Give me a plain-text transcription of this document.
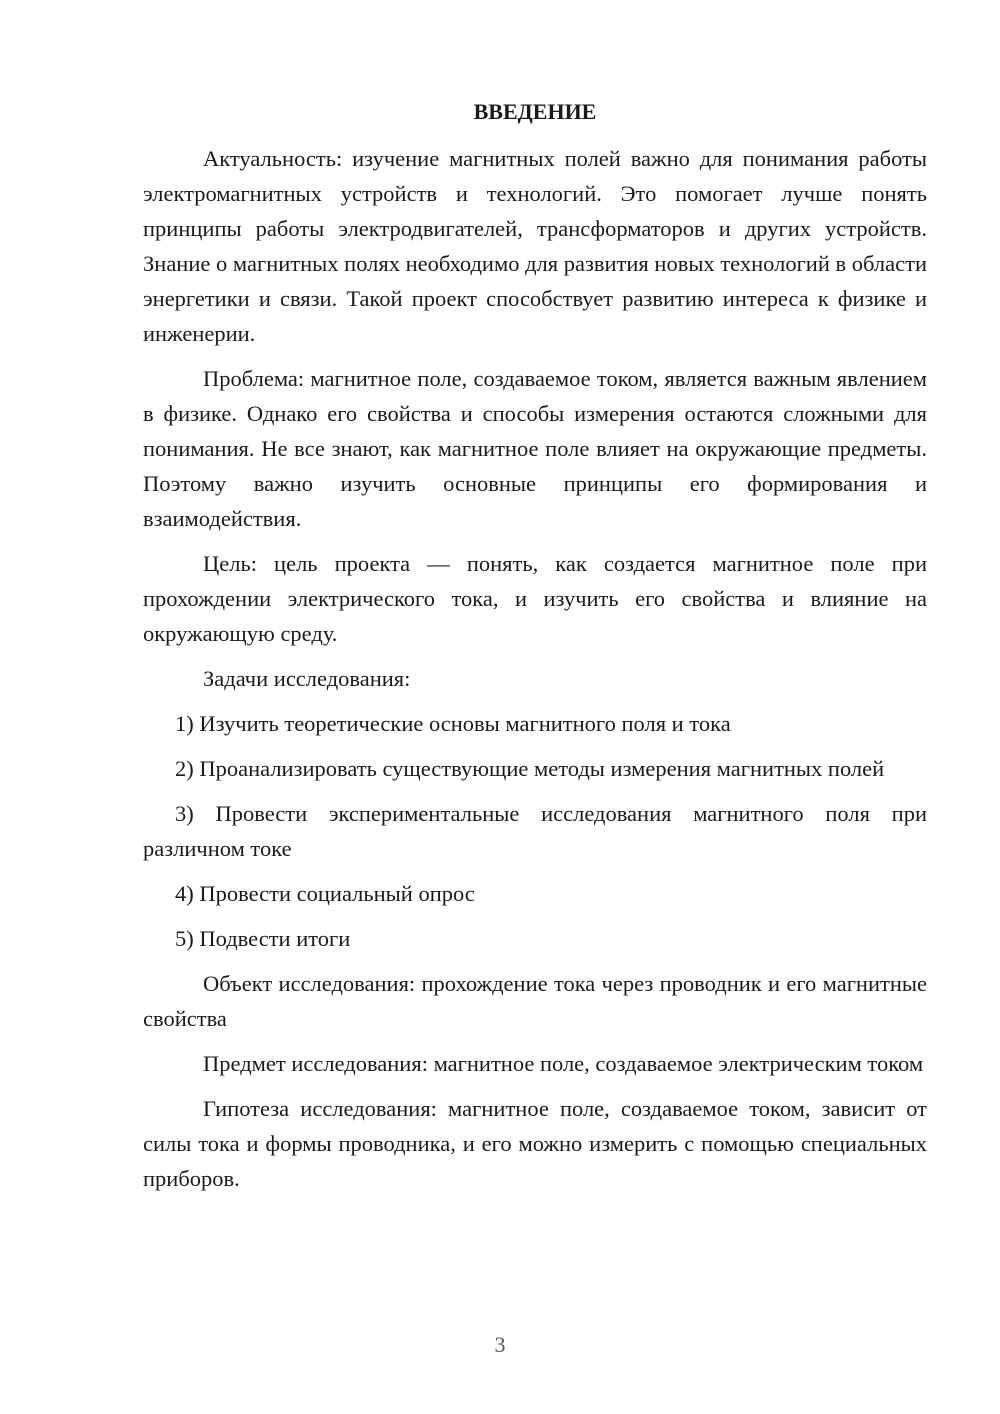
ВВЕДЕНИЕ

Актуальность: изучение магнитных полей важно для понимания работы электромагнитных устройств и технологий. Это помогает лучше понять принципы работы электродвигателей, трансформаторов и других устройств. Знание о магнитных полях необходимо для развития новых технологий в области энергетики и связи. Такой проект способствует развитию интереса к физике и инженерии.

Проблема: магнитное поле, создаваемое током, является важным явлением в физике. Однако его свойства и способы измерения остаются сложными для понимания. Не все знают, как магнитное поле влияет на окружающие предметы. Поэтому важно изучить основные принципы его формирования и взаимодействия.

Цель: цель проекта — понять, как создается магнитное поле при прохождении электрического тока, и изучить его свойства и влияние на окружающую среду.

Задачи исследования:

1) Изучить теоретические основы магнитного поля и тока

2) Проанализировать существующие методы измерения магнитных полей

3) Провести экспериментальные исследования магнитного поля при различном токе

4) Провести социальный опрос

5) Подвести итоги

Объект исследования: прохождение тока через проводник и его магнитные свойства

Предмет исследования: магнитное поле, создаваемое электрическим током

Гипотеза исследования: магнитное поле, создаваемое током, зависит от силы тока и формы проводника, и его можно измерить с помощью специальных приборов.

3
